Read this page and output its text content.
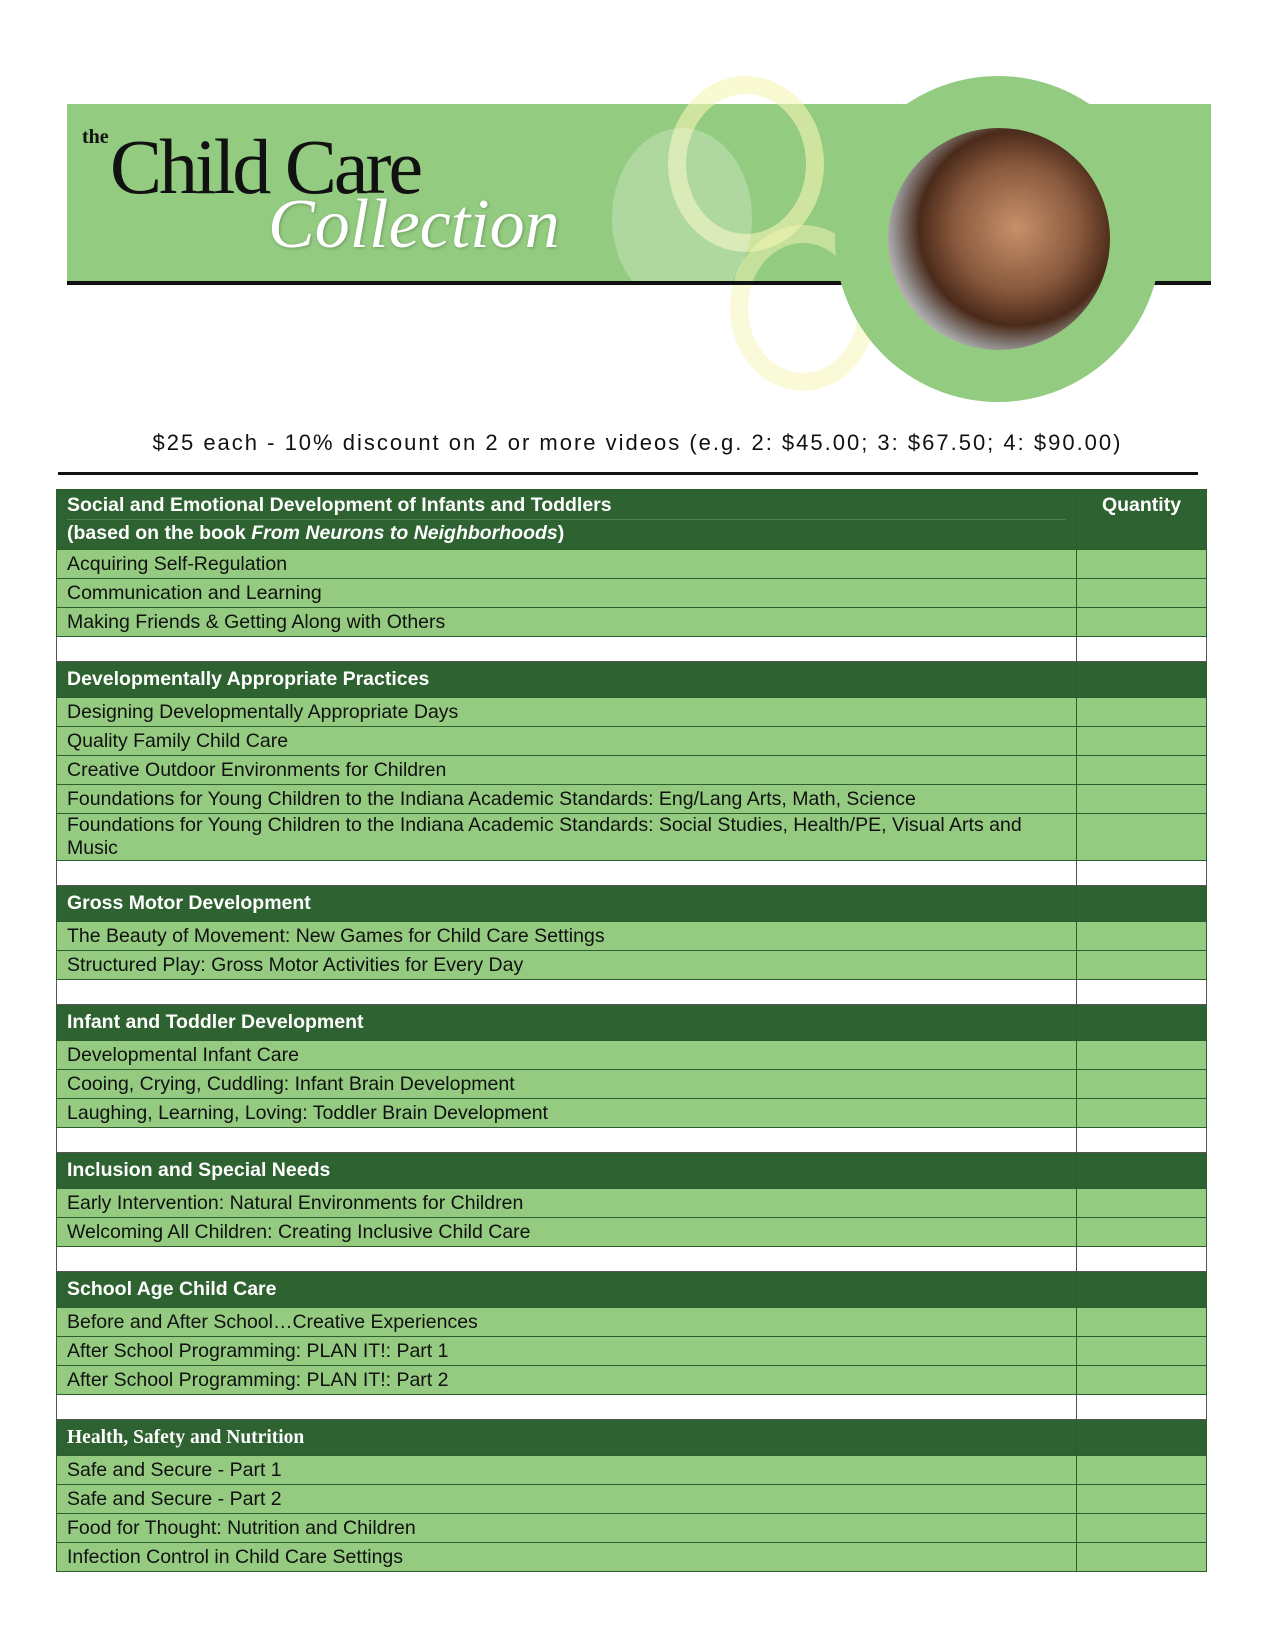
the Child Care
Collection
$25 each - 10% discount on 2 or more videos (e.g. 2: $45.00; 3: $67.50; 4: $90.00)
Social and Emotional Development of Infants and Toddlers
(based on the book From Neurons to Neighborhoods)	Quantity
Acquiring Self-Regulation	
Communication and Learning	
Making Friends & Getting Along with Others	

Developmentally Appropriate Practices	
Designing Developmentally Appropriate Days	
Quality Family Child Care	
Creative Outdoor Environments for Children	
Foundations for Young Children to the Indiana Academic Standards: Eng/Lang Arts, Math, Science	
Foundations for Young Children to the Indiana Academic Standards: Social Studies, Health/PE, Visual Arts and Music	

Gross Motor Development	
The Beauty of Movement: New Games for Child Care Settings	
Structured Play: Gross Motor Activities for Every Day	

Infant and Toddler Development	
Developmental Infant Care	
Cooing, Crying, Cuddling: Infant Brain Development	
Laughing, Learning, Loving: Toddler Brain Development	

Inclusion and Special Needs	
Early Intervention: Natural Environments for Children	
Welcoming All Children: Creating Inclusive Child Care	

School Age Child Care	
Before and After School…Creative Experiences	
After School Programming: PLAN IT!: Part 1	
After School Programming: PLAN IT!: Part 2	

Health, Safety and Nutrition	
Safe and Secure - Part 1	
Safe and Secure - Part 2	
Food for Thought: Nutrition and Children	
Infection Control in Child Care Settings	
